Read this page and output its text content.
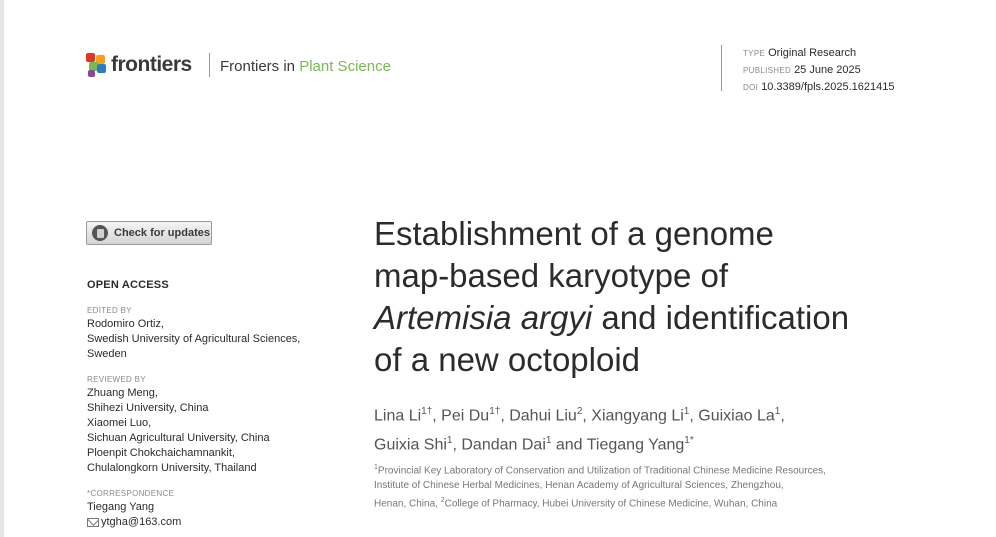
frontiers Frontiers in Plant Science
TYPE Original Research
PUBLISHED 25 June 2025
DOI 10.3389/fpls.2025.1621415
Check for updates
OPEN ACCESS
EDITED BY
Rodomiro Ortiz,
Swedish University of Agricultural Sciences,
Sweden
REVIEWED BY
Zhuang Meng,
Shihezi University, China
Xiaomei Luo,
Sichuan Agricultural University, China
Ploenpit Chokchaichamnankit,
Chulalongkorn University, Thailand
*CORRESPONDENCE
Tiegang Yang
ytgha@163.com
Establishment of a genome
map-based karyotype of
Artemisia argyi and identification
of a new octoploid
Lina $Li^{1\dagger}$, Pei $Du^{1\dagger}$, Dahui Liu$^2$, Xiangyang Li$^1$, Guixiao La$^1$,
Guixia Shi$^1$, Dandan Dai$^1$ and Tiegang Yang$^{1*}$
$^1$Provincial Key Laboratory of Conservation and Utilization of Traditional Chinese Medicine Resources,
Institute of Chinese Herbal Medicines, Henan Academy of Agricultural Sciences, Zhengzhou,
Henan, China, $^2$College of Pharmacy, Hubei University of Chinese Medicine, Wuhan, China
